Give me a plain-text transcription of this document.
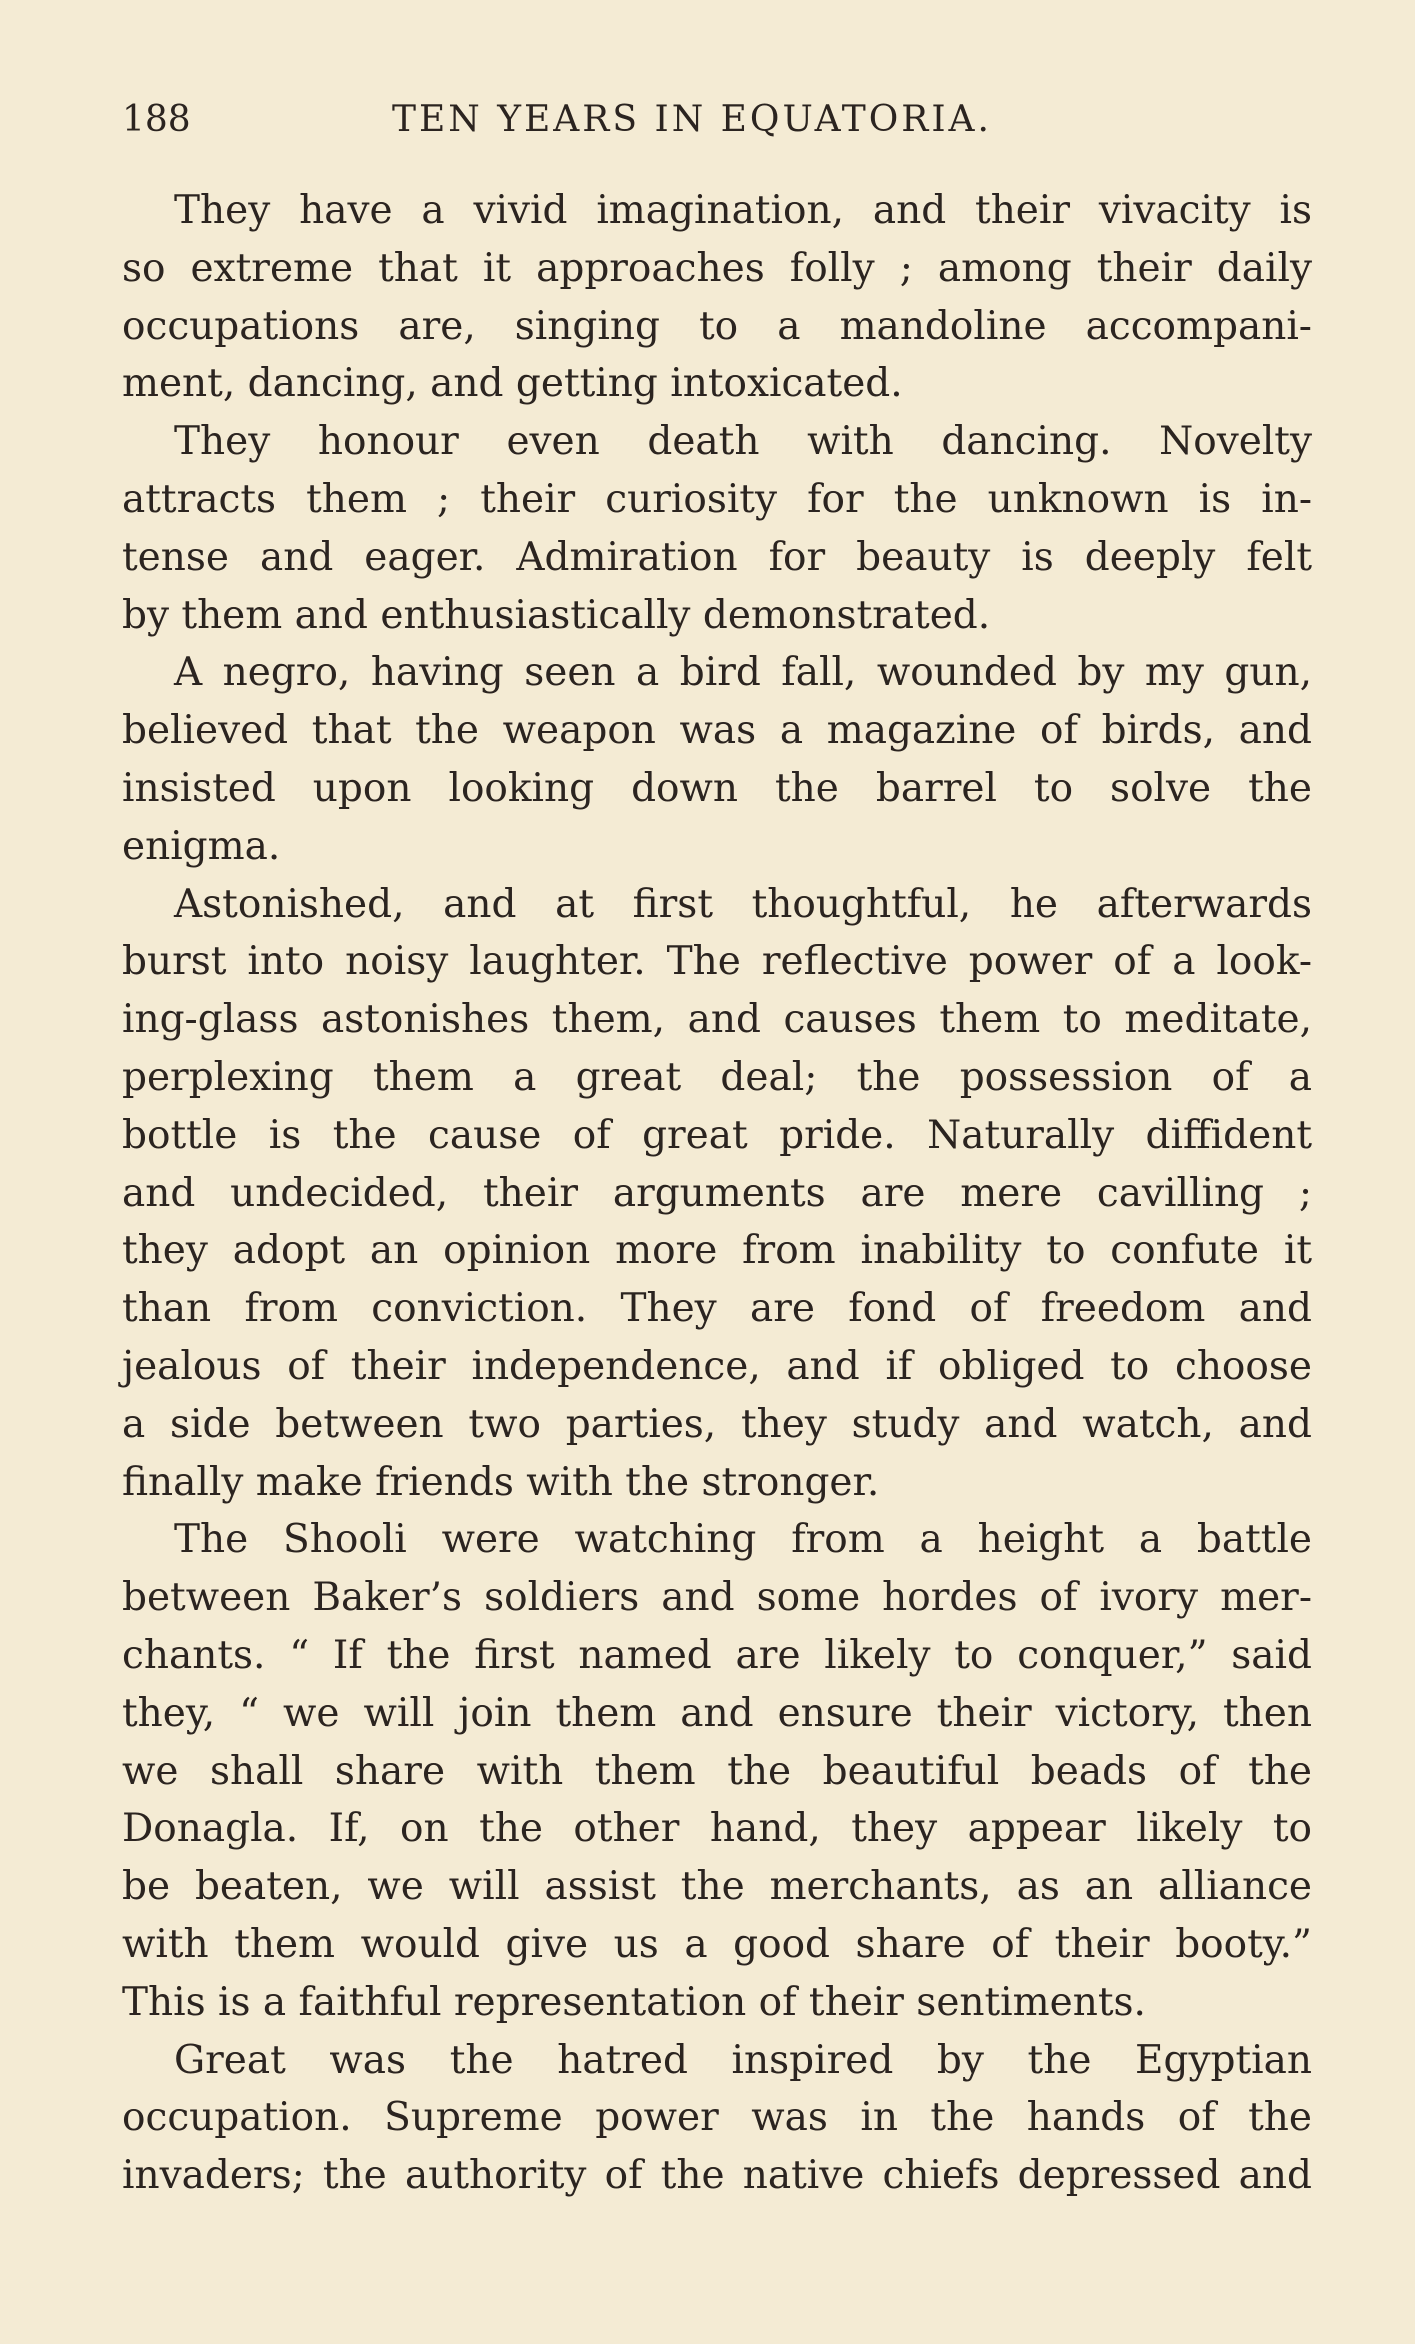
188	TEN YEARS IN EQUATORIA.
They have a vivid imagination, and their vivacity is
so extreme that it approaches folly ; among their daily
occupations are, singing to a mandoline accompani-
ment, dancing, and getting intoxicated.
They honour even death with dancing. Novelty
attracts them ; their curiosity for the unknown is in-
tense and eager. Admiration for beauty is deeply felt
by them and enthusiastically demonstrated.
A negro, having seen a bird fall, wounded by my gun,
believed that the weapon was a magazine of birds, and
insisted upon looking down the barrel to solve the
enigma.
Astonished, and at first thoughtful, he afterwards
burst into noisy laughter. The reflective power of a look-
ing-glass astonishes them, and causes them to meditate,
perplexing them a great deal; the possession of a
bottle is the cause of great pride. Naturally diffident
and undecided, their arguments are mere cavilling ;
they adopt an opinion more from inability to confute it
than from conviction. They are fond of freedom and
jealous of their independence, and if obliged to choose
a side between two parties, they study and watch, and
finally make friends with the stronger.
The Shooli were watching from a height a battle
between Baker’s soldiers and some hordes of ivory mer-
chants. “ If the first named are likely to conquer,” said
they, “ we will join them and ensure their victory, then
we shall share with them the beautiful beads of the
Donagla. If, on the other hand, they appear likely to
be beaten, we will assist the merchants, as an alliance
with them would give us a good share of their booty.”
This is a faithful representation of their sentiments.
Great was the hatred inspired by the Egyptian
occupation. Supreme power was in the hands of the
invaders; the authority of the native chiefs depressed and
